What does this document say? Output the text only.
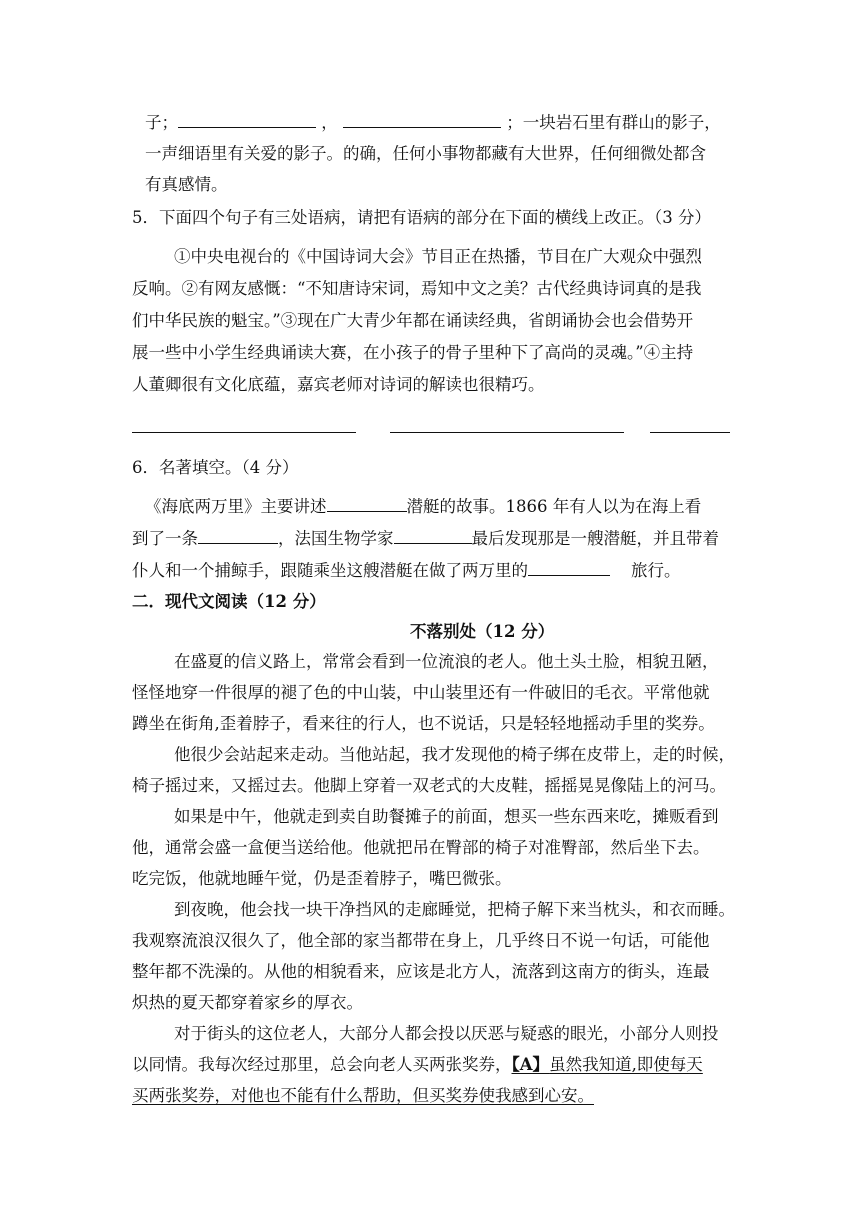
子；	，	；一块岩石里有群山的影子，
一声细语里有关爱的影子。的确，任何小事物都藏有大世界，任何细微处都含
有真感情。
5．下面四个句子有三处语病，请把有语病的部分在下面的横线上改正。（3 分）
①中央电视台的《中国诗词大会》节目正在热播，节目在广大观众中强烈
反响。②有网友感慨：“不知唐诗宋词，焉知中文之美？古代经典诗词真的是我
们中华民族的魁宝。”③现在广大青少年都在诵读经典，省朗诵协会也会借势开
展一些中小学生经典诵读大赛，在小孩子的骨子里种下了高尚的灵魂。”④主持
人董卿很有文化底蕴，嘉宾老师对诗词的解读也很精巧。
6．名著填空。（4 分）
《海底两万里》主要讲述	潜艇的故事。1866 年有人以为在海上看
到了一条	，法国生物学家	最后发现那是一艘潜艇，并且带着
仆人和一个捕鲸手，跟随乘坐这艘潜艇在做了两万里的	旅行。
二．现代文阅读（12 分）
不落别处（12 分）
在盛夏的信义路上，常常会看到一位流浪的老人。他土头土脸，相貌丑陋，
怪怪地穿一件很厚的褪了色的中山装，中山装里还有一件破旧的毛衣。平常他就
蹲坐在街角,歪着脖子，看来往的行人，也不说话，只是轻轻地摇动手里的奖券。
他很少会站起来走动。当他站起，我才发现他的椅子绑在皮带上，走的时候，
椅子摇过来，又摇过去。他脚上穿着一双老式的大皮鞋，摇摇晃晃像陆上的河马。
如果是中午，他就走到卖自助餐摊子的前面，想买一些东西来吃，摊贩看到
他，通常会盛一盒便当送给他。他就把吊在臀部的椅子对准臀部，然后坐下去。
吃完饭，他就地睡午觉，仍是歪着脖子，嘴巴微张。
到夜晚，他会找一块干净挡风的走廊睡觉，把椅子解下来当枕头，和衣而睡。
我观察流浪汉很久了，他全部的家当都带在身上，几乎终日不说一句话，可能他
整年都不洗澡的。从他的相貌看来，应该是北方人，流落到这南方的街头，连最
炽热的夏天都穿着家乡的厚衣。
对于街头的这位老人，大部分人都会投以厌恶与疑惑的眼光，小部分人则投
以同情。我每次经过那里，总会向老人买两张奖券，【A】虽然我知道,即使每天
买两张奖券，对他也不能有什么帮助，但买奖券使我感到心安。
